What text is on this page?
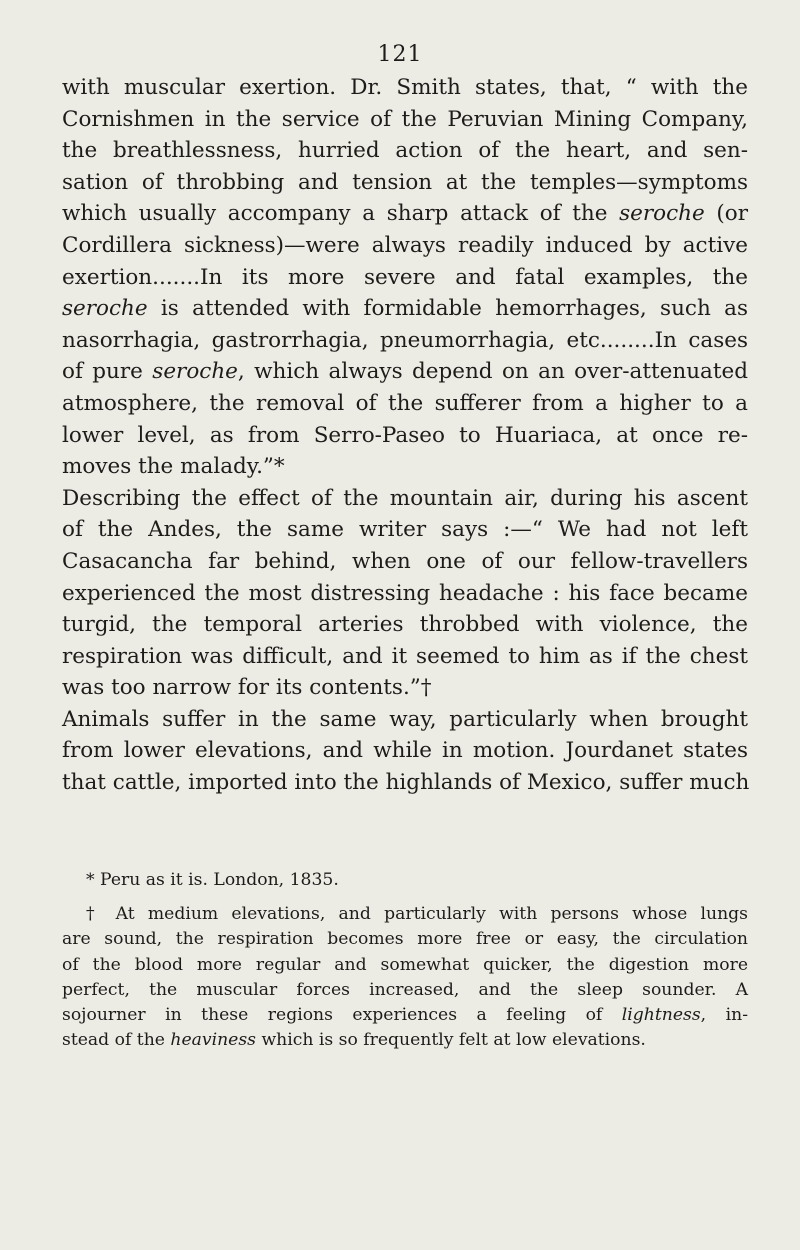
121
with muscular exertion. Dr. Smith states, that, “ with the
Cornishmen in the service of the Peruvian Mining Company,
the breathlessness, hurried action of the heart, and sen-
sation of throbbing and tension at the temples—symptoms
which usually accompany a sharp attack of the seroche (or
Cordillera sickness)—were always readily induced by active
exertion.......In its more severe and fatal examples, the
seroche is attended with formidable hemorrhages, such as
nasorrhagia, gastrorrhagia, pneumorrhagia, etc........In cases
of pure seroche, which always depend on an over-attenuated
atmosphere, the removal of the sufferer from a higher to a
lower level, as from Serro-Paseo to Huariaca, at once re-
moves the malady.”*
Describing the effect of the mountain air, during his ascent
of the Andes, the same writer says :—“ We had not left
Casacancha far behind, when one of our fellow-travellers
experienced the most distressing headache : his face became
turgid, the temporal arteries throbbed with violence, the
respiration was difficult, and it seemed to him as if the chest
was too narrow for its contents.”†
Animals suffer in the same way, particularly when brought
from lower elevations, and while in motion. Jourdanet states
that cattle, imported into the highlands of Mexico, suffer much
* Peru as it is. London, 1835.
† At medium elevations, and particularly with persons whose lungs
are sound, the respiration becomes more free or easy, the circulation
of the blood more regular and somewhat quicker, the digestion more
perfect, the muscular forces increased, and the sleep sounder. A
sojourner in these regions experiences a feeling of lightness, in-
stead of the heaviness which is so frequently felt at low elevations.
